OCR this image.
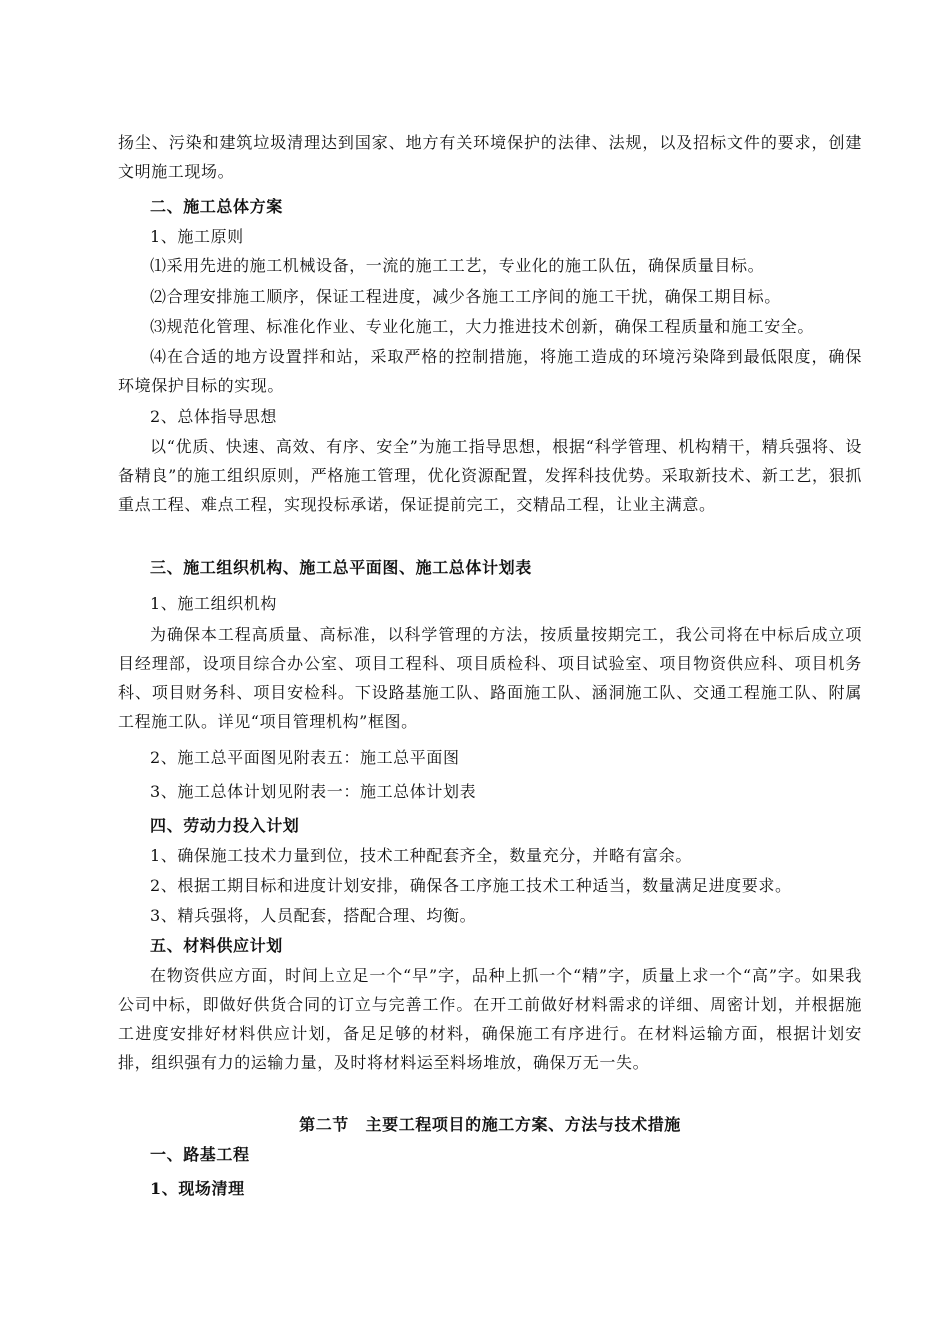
扬尘、污染和建筑垃圾清理达到国家、地方有关环境保护的法律、法规，以及招标文件的要求，创建文明施工现场。

二、施工总体方案

1、施工原则

⑴采用先进的施工机械设备，一流的施工工艺，专业化的施工队伍，确保质量目标。

⑵合理安排施工顺序，保证工程进度，减少各施工工序间的施工干扰，确保工期目标。

⑶规范化管理、标准化作业、专业化施工，大力推进技术创新，确保工程质量和施工安全。

⑷在合适的地方设置拌和站，采取严格的控制措施，将施工造成的环境污染降到最低限度，确保环境保护目标的实现。

2、总体指导思想

以“优质、快速、高效、有序、安全”为施工指导思想，根据“科学管理、机构精干，精兵强将、设备精良”的施工组织原则，严格施工管理，优化资源配置，发挥科技优势。采取新技术、新工艺，狠抓重点工程、难点工程，实现投标承诺，保证提前完工，交精品工程，让业主满意。

三、施工组织机构、施工总平面图、施工总体计划表

1、施工组织机构

为确保本工程高质量、高标准，以科学管理的方法，按质量按期完工，我公司将在中标后成立项目经理部，设项目综合办公室、项目工程科、项目质检科、项目试验室、项目物资供应科、项目机务科、项目财务科、项目安检科。下设路基施工队、路面施工队、涵洞施工队、交通工程施工队、附属工程施工队。详见“项目管理机构”框图。

2、施工总平面图见附表五：施工总平面图

3、施工总体计划见附表一：施工总体计划表

四、劳动力投入计划

1、确保施工技术力量到位，技术工种配套齐全，数量充分，并略有富余。

2、根据工期目标和进度计划安排，确保各工序施工技术工种适当，数量满足进度要求。

3、精兵强将，人员配套，搭配合理、均衡。

五、材料供应计划

在物资供应方面，时间上立足一个“早”字，品种上抓一个“精”字，质量上求一个“高”字。如果我公司中标，即做好供货合同的订立与完善工作。在开工前做好材料需求的详细、周密计划，并根据施工进度安排好材料供应计划，备足足够的材料，确保施工有序进行。在材料运输方面，根据计划安排，组织强有力的运输力量，及时将材料运至料场堆放，确保万无一失。

第二节　主要工程项目的施工方案、方法与技术措施

一、路基工程

1、现场清理
